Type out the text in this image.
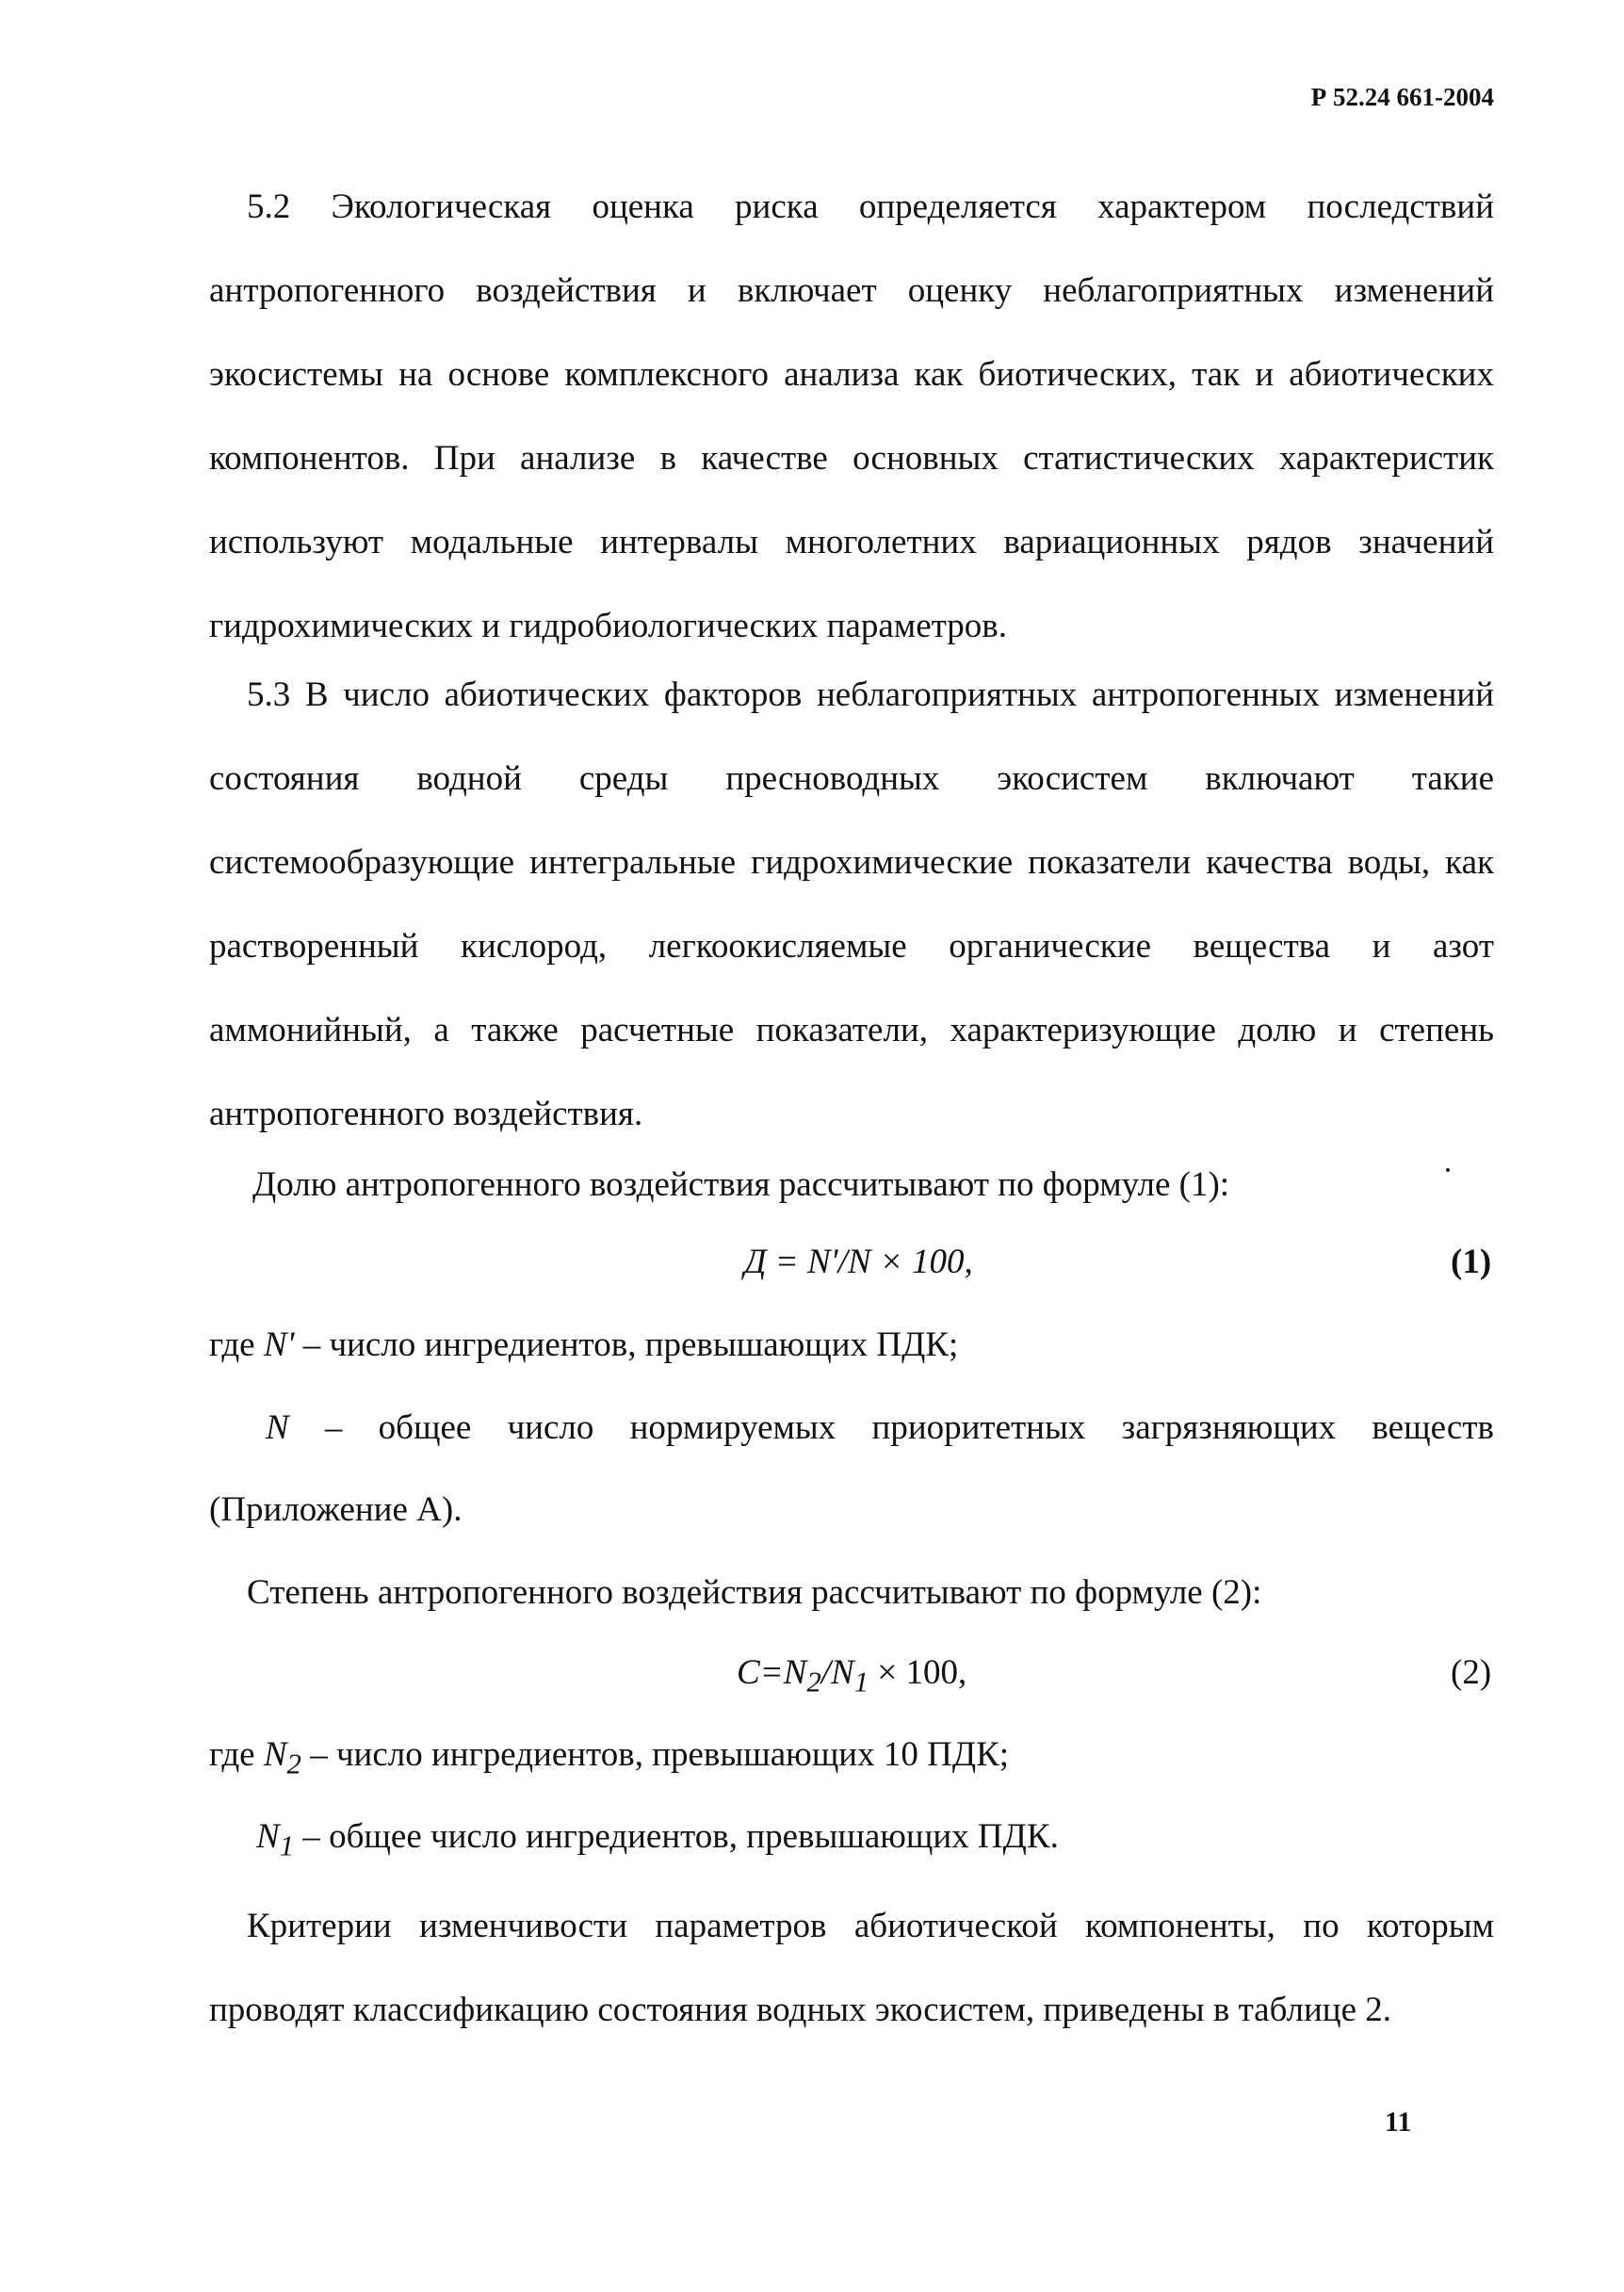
Р 52.24 661-2004

5.2 Экологическая оценка риска определяется характером последствий антропогенного воздействия и включает оценку неблагоприятных изменений экосистемы на основе комплексного анализа как биотических, так и абиотических компонентов. При анализе в качестве основных статистических характеристик используют модальные интервалы многолетних вариационных рядов значений гидрохимических и гидробиологических параметров.

5.3 В число абиотических факторов неблагоприятных антропогенных изменений состояния водной среды пресноводных экосистем включают такие системообразующие интегральные гидрохимические показатели качества воды, как растворенный кислород, легкоокисляемые органические вещества и азот аммонийный, а также расчетные показатели, характеризующие долю и степень антропогенного воздействия.

Долю антропогенного воздействия рассчитывают по формуле (1):

Д = N'/N × 100,	(1)

где N' – число ингредиентов, превышающих ПДК;

N – общее число нормируемых приоритетных загрязняющих веществ

(Приложение А).

Степень антропогенного воздействия рассчитывают по формуле (2):

$C=N_2/N_1 \times 100$,	(2)

где $N_2$ – число ингредиентов, превышающих 10 ПДК;

$N_1$ – общее число ингредиентов, превышающих ПДК.

Критерии изменчивости параметров абиотической компоненты, по которым проводят классификацию состояния водных экосистем, приведены в таблице 2.

11
